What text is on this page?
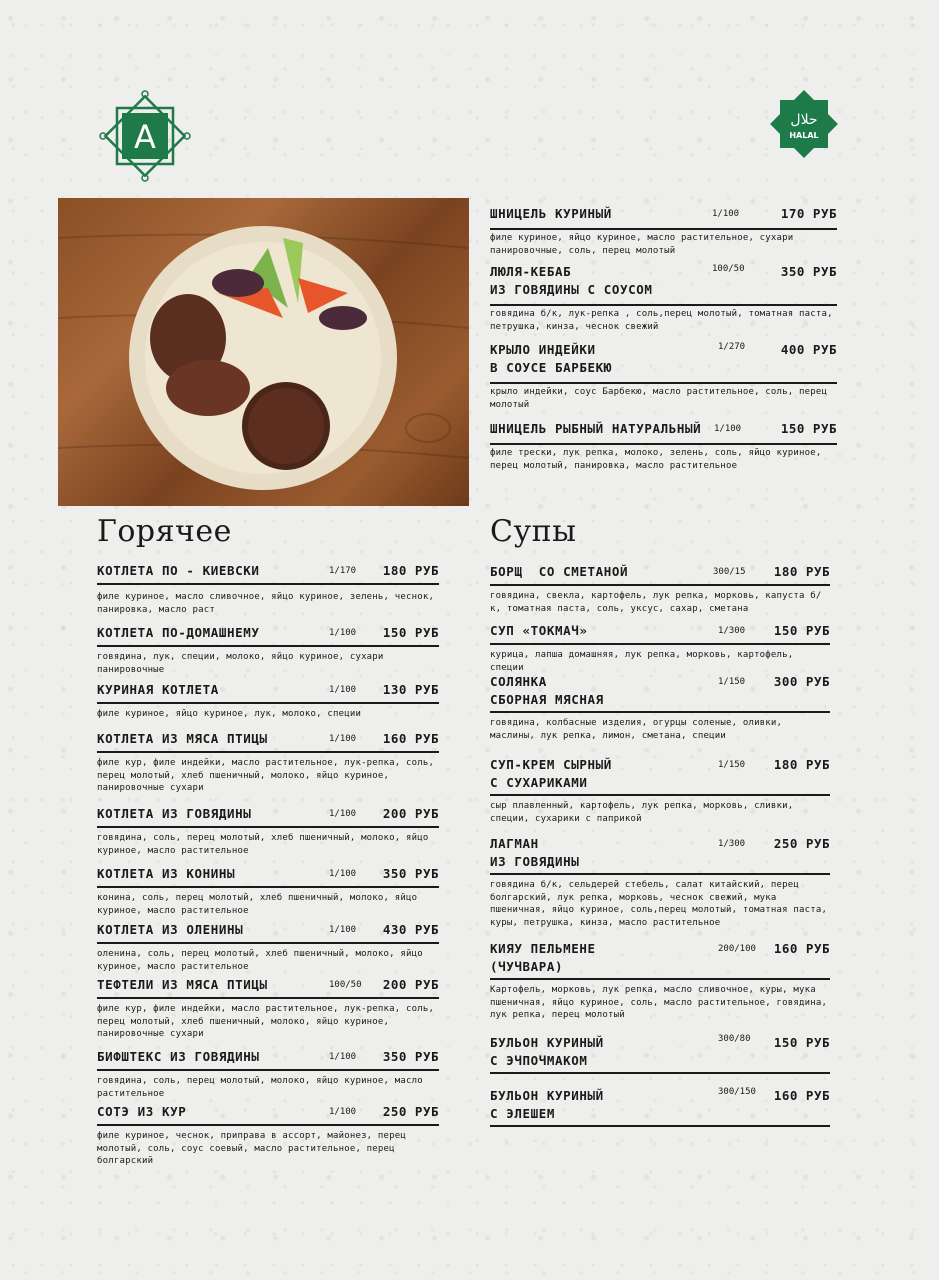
A	حلال
HALAL
Горячее	Супы
ШНИЦЕЛЬ КУРИНЫЙ	1/100	170 РУБ
филе куриное, яйцо куриное, масло растительное, сухари панировочные, соль, перец молотый
ЛЮЛЯ-КЕБАБ
ИЗ ГОВЯДИНЫ С СОУСОМ
100/50	350 РУБ
говядина б/к, лук-репка , соль,перец молотый, томатная паста, петрушка, кинза, чеснок свежий
КРЫЛО ИНДЕЙКИ
В СОУСЕ БАРБЕКЮ
1/270	400 РУБ
крыло индейки, соус Барбекю, масло растительное, соль, перец молотый
ШНИЦЕЛЬ РЫБНЫЙ НАТУРАЛЬНЫЙ 1/100	150 РУБ
филе трески, лук репка, молоко, зелень, соль, яйцо куриное, перец молотый, панировка, масло растительное
КОТЛЕТА ПО - КИЕВСКИ	1/170 180 РУБ
филе куриное, масло сливочное, яйцо куриное, зелень, чеснок, панировка, масло раст
КОТЛЕТА ПО-ДОМАШНЕМУ	1/100 150 РУБ
говядина, лук, специи, молоко, яйцо куриное, сухари панировочные
КУРИНАЯ КОТЛЕТА	1/100 130 РУБ
филе куриное, яйцо куриное, лук, молоко, специи
КОТЛЕТА ИЗ МЯСА ПТИЦЫ	1/100 160 РУБ
филе кур, филе индейки, масло растительное, лук-репка, соль, перец молотый, хлеб пшеничный, молоко, яйцо куриное, панировочные сухари
КОТЛЕТА ИЗ ГОВЯДИНЫ	1/100 200 РУБ
говядина, соль, перец молотый, хлеб пшеничный, молоко, яйцо куриное, масло растительное
КОТЛЕТА ИЗ КОНИНЫ	1/100 350 РУБ
конина, соль, перец молотый, хлеб пшеничный, молоко, яйцо куриное, масло растительное
КОТЛЕТА ИЗ ОЛЕНИНЫ	1/100 430 РУБ
оленина, соль, перец молотый, хлеб пшеничный, молоко, яйцо куриное, масло растительное
ТЕФТЕЛИ ИЗ МЯСА ПТИЦЫ	100/50 200 РУБ
филе кур, филе индейки, масло растительное, лук-репка, соль, перец молотый, хлеб пшеничный, молоко, яйцо куриное, панировочные сухари
БИФШТЕКС ИЗ ГОВЯДИНЫ	1/100 350 РУБ
говядина, соль, перец молотый, молоко, яйцо куриное, масло растительное
СОТЭ ИЗ КУР	1/100 250 РУБ
филе куриное, чеснок, приправа в ассорт, майонез, перец молотый, соль, соус соевый, масло растительное, перец болгарский
БОРЩ  СО СМЕТАНОЙ	300/15 180 РУБ
говядина, свекла, картофель, лук репка, морковь, капуста б/к, томатная паста, соль, уксус, сахар, сметана
СУП «ТОКМАЧ»	1/300 150 РУБ
курица, лапша домашняя, лук репка, морковь, картофель, специи
СОЛЯНКА
СБОРНАЯ МЯСНАЯ
1/150 300 РУБ
говядина, колбасные изделия, огурцы соленые, оливки, маслины, лук репка, лимон, сметана, специи
СУП-КРЕМ СЫРНЫЙ
С СУХАРИКАМИ
1/150 180 РУБ
сыр плавленный, картофель, лук репка, морковь, сливки, специи, сухарики с паприкой
ЛАГМАН
ИЗ ГОВЯДИНЫ
1/300 250 РУБ
говядина б/к, сельдерей стебель, салат китайский, перец болгарский, лук репка, морковь, чеснок свежий, мука пшеничная, яйцо куриное, соль,перец молотый, томатная паста, куры, петрушка, кинза, масло растительное
КИЯУ ПЕЛЬМЕНЕ
(ЧУЧВАРА)
200/100 160 РУБ
Картофель, морковь, лук репка, масло сливочное, куры, мука пшеничная, яйцо куриное, соль, масло растительное, говядина, лук репка, перец молотый
БУЛЬОН КУРИНЫЙ
С ЭЧПОЧМАКОМ
300/80 150 РУБ
БУЛЬОН КУРИНЫЙ
С ЭЛЕШЕМ
300/150 160 РУБ
